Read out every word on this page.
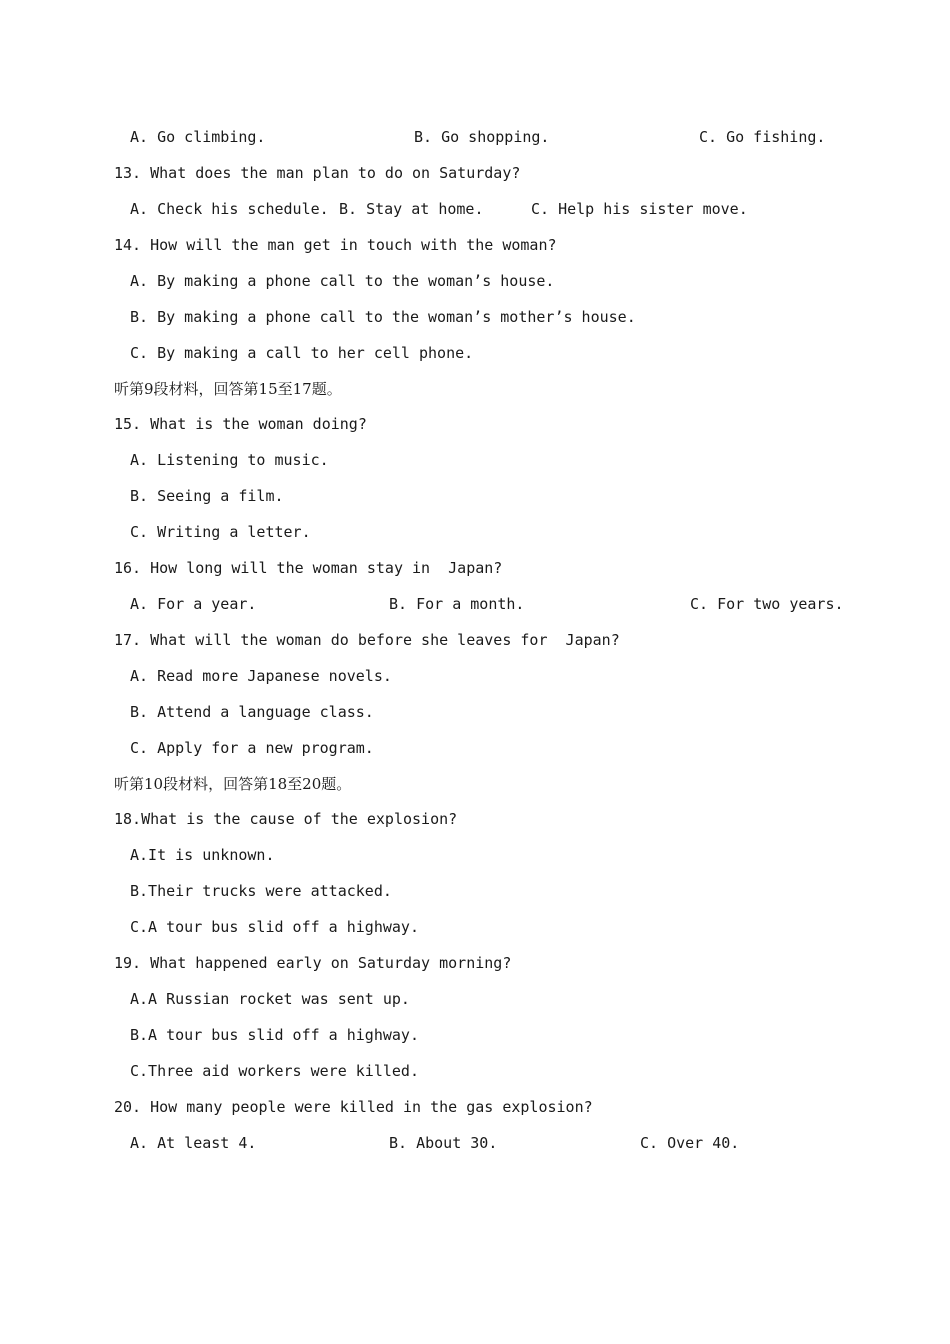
A. Go climbing.

	B. Go shopping.

	C. Go fishing.

13. What does the man plan to do on Saturday?

A. Check his schedule.

B. Stay at home.

	C. Help his sister move.

14. How will the man get in touch with the woman?

A. By making a phone call to the woman’s house.

B. By making a phone call to the woman’s mother’s house.

C. By making a call to her cell phone.

听第9段材料，回答第15至17题。

15. What is the woman doing?

A. Listening to music.

B. Seeing a film.

C. Writing a letter.

16. How long will the woman stay in  Japan?

A. For a year.

	B. For a month.

	C. For two years.

17. What will the woman do before she leaves for  Japan?

A. Read more Japanese novels.

B. Attend a language class.

C. Apply for a new program.

听第10段材料，回答第18至20题。

18.What is the cause of the explosion?

A.It is unknown.

B.Their trucks were attacked.

C.A tour bus slid off a highway.

19. What happened early on Saturday morning?

A.A Russian rocket was sent up.

B.A tour bus slid off a highway.

C.Three aid workers were killed.

20. How many people were killed in the gas explosion?

A. At least 4.

	B. About 30.

	C. Over 40.
